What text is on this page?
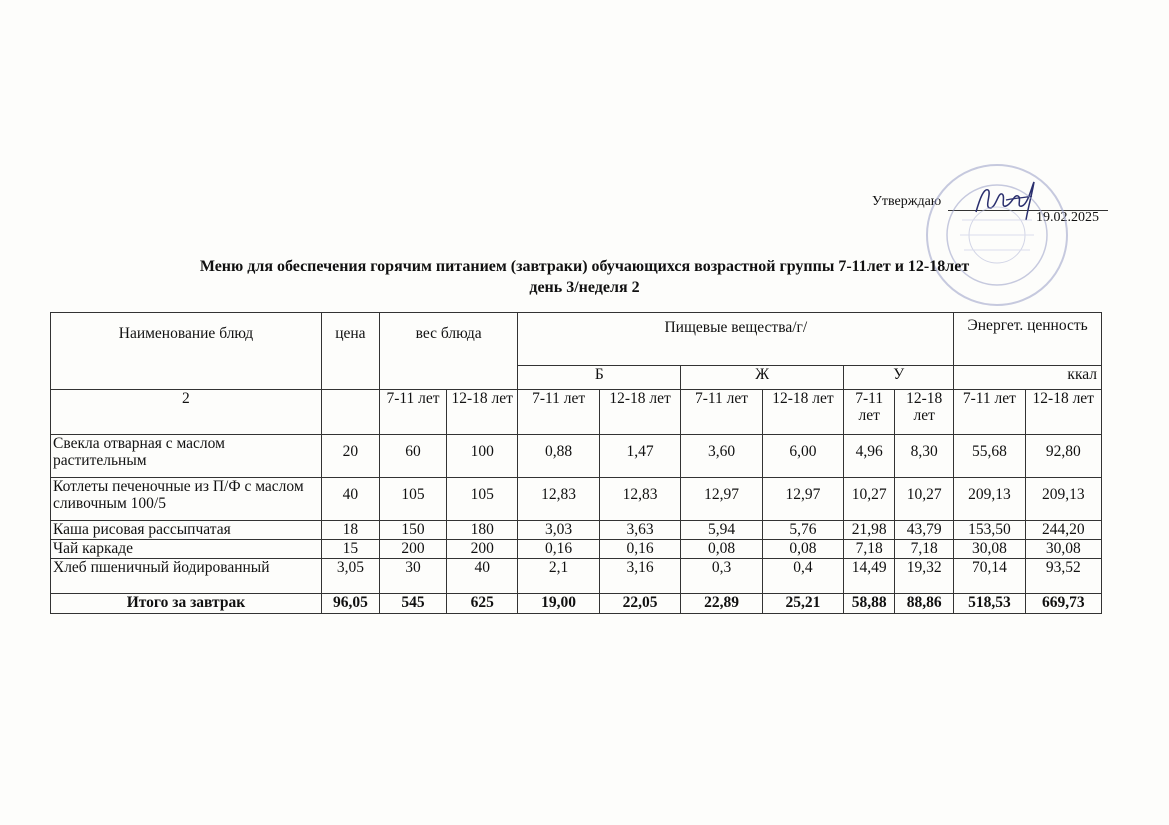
Утверждаю
19.02.2025
Меню для обеспечения горячим питанием (завтраки) обучающихся возрастной группы 7-11лет и 12-18лет
день 3/неделя 2
Наименование блюд	цена	вес блюда		Пищевые вещества/г/						Энергет. ценность	
				Б		Ж		У		ккал	
2		7-11 лет	12-18 лет	7-11 лет	12-18 лет	7-11 лет	12-18 лет	7-11 лет	12-18 лет	7-11 лет	12-18 лет
Свекла отварная с маслом растительным	20	60	100	0,88	1,47	3,60	6,00	4,96	8,30	55,68	92,80
Котлеты печеночные из П/Ф с маслом сливочным 100/5	40	105	105	12,83	12,83	12,97	12,97	10,27	10,27	209,13	209,13
Каша рисовая рассыпчатая	18	150	180	3,03	3,63	5,94	5,76	21,98	43,79	153,50	244,20
Чай каркаде	15	200	200	0,16	0,16	0,08	0,08	7,18	7,18	30,08	30,08
Хлеб пшеничный йодированный	3,05	30	40	2,1	3,16	0,3	0,4	14,49	19,32	70,14	93,52
Итого за завтрак	96,05	545	625	19,00	22,05	22,89	25,21	58,88	88,86	518,53	669,73
